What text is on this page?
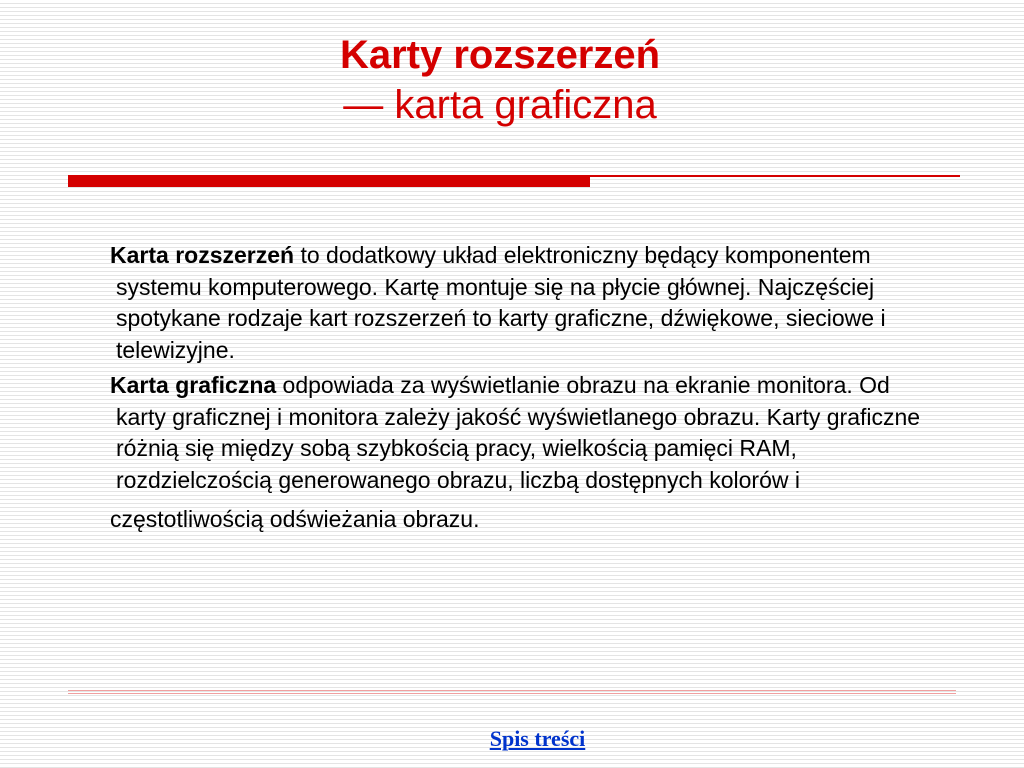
Karty rozszerzeń
— karta graficzna

Karta rozszerzeń to dodatkowy układ elektroniczny będący komponentem systemu komputerowego. Kartę montuje się na płycie głównej. Najczęściej spotykane rodzaje kart rozszerzeń to karty graficzne, dźwiękowe, sieciowe i telewizyjne.

Karta graficzna odpowiada za wyświetlanie obrazu na ekranie monitora. Od karty graficznej i monitora zależy jakość wyświetlanego obrazu. Karty graficzne różnią się między sobą szybkością pracy, wielkością pamięci RAM, rozdzielczością generowanego obrazu, liczbą dostępnych kolorów i
częstotliwością odświeżania obrazu.

Spis treści
